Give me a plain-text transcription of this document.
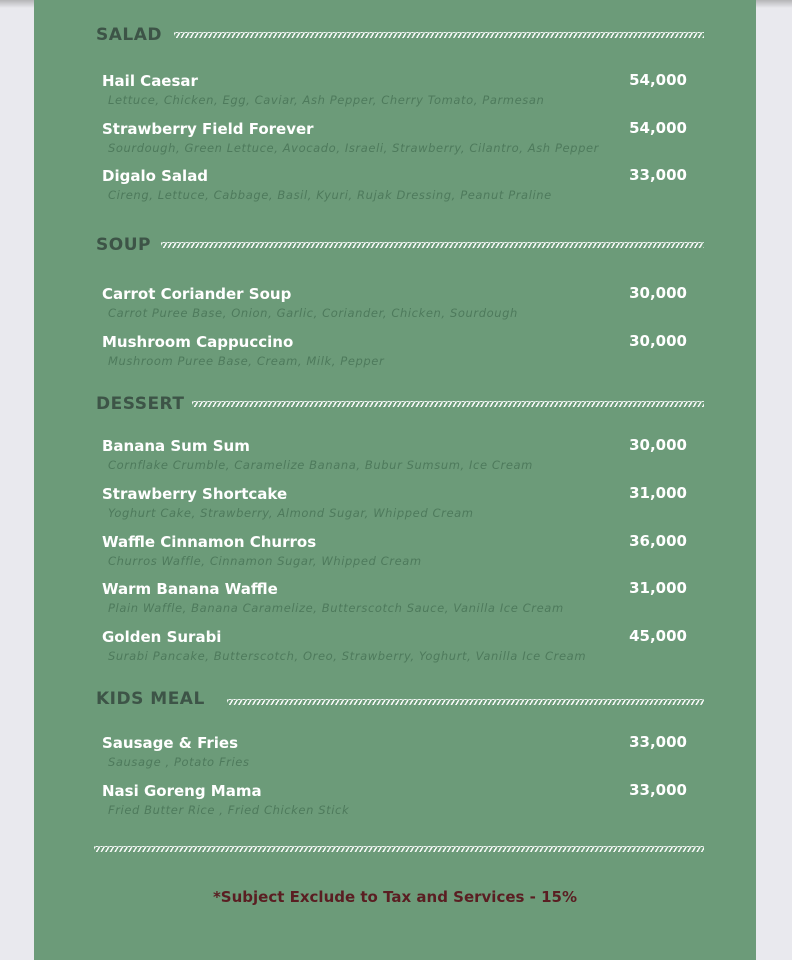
SALAD
Hail Caesar	54,000
Lettuce, Chicken, Egg, Caviar, Ash Pepper, Cherry Tomato, Parmesan
Strawberry Field Forever	54,000
Sourdough, Green Lettuce, Avocado, Israeli, Strawberry, Cilantro, Ash Pepper
Digalo Salad	33,000
Cireng, Lettuce, Cabbage, Basil, Kyuri, Rujak Dressing, Peanut Praline
SOUP
Carrot Coriander Soup	30,000
Carrot Puree Base, Onion, Garlic, Coriander, Chicken, Sourdough
Mushroom Cappuccino	30,000
Mushroom Puree Base, Cream, Milk, Pepper
DESSERT
Banana Sum Sum	30,000
Cornflake Crumble, Caramelize Banana, Bubur Sumsum, Ice Cream
Strawberry Shortcake	31,000
Yoghurt Cake, Strawberry, Almond Sugar, Whipped Cream
Waffle Cinnamon Churros	36,000
Churros Waffle, Cinnamon Sugar, Whipped Cream
Warm Banana Waffle	31,000
Plain Waffle, Banana Caramelize, Butterscotch Sauce, Vanilla Ice Cream
Golden Surabi	45,000
Surabi Pancake, Butterscotch, Oreo, Strawberry, Yoghurt, Vanilla Ice Cream
KIDS MEAL
Sausage & Fries	33,000
Sausage , Potato Fries
Nasi Goreng Mama	33,000
Fried Butter Rice , Fried Chicken Stick
*Subject Exclude to Tax and Services - 15%
